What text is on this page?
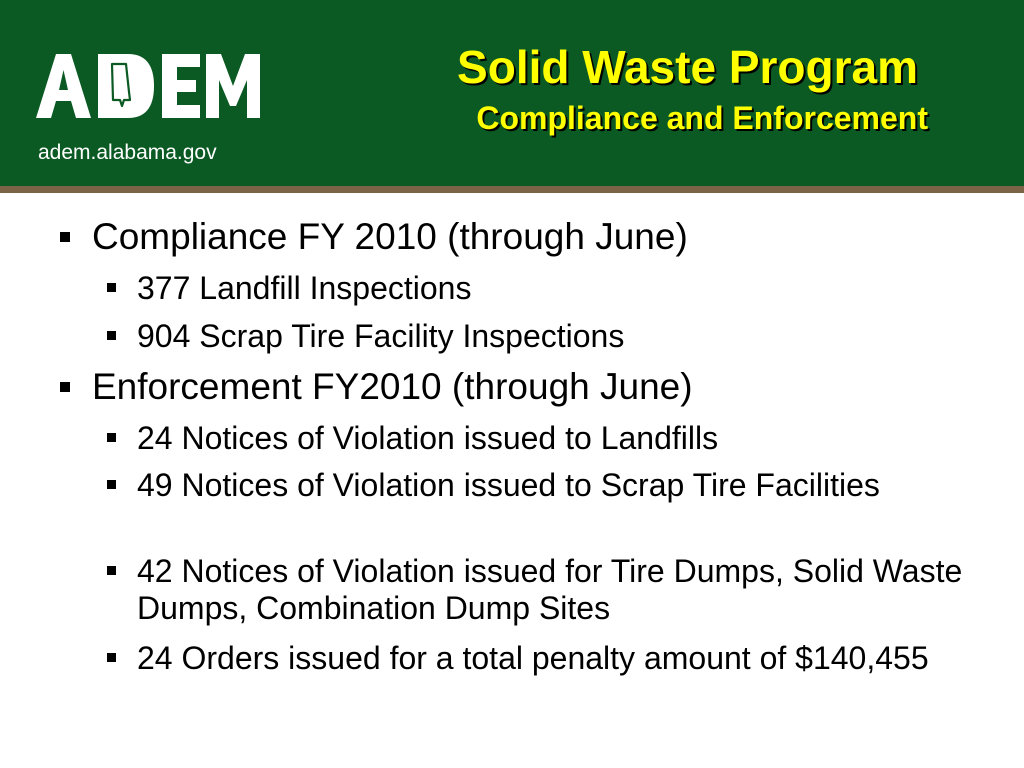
adem.alabama.gov
Solid Waste Program
Compliance and Enforcement
Compliance FY 2010 (through June)
377 Landfill Inspections
904 Scrap Tire Facility Inspections
Enforcement FY2010 (through June)
24 Notices of Violation issued to Landfills
49 Notices of Violation issued to Scrap Tire Facilities
42 Notices of Violation issued for Tire Dumps, Solid Waste Dumps, Combination Dump Sites
24 Orders issued for a total penalty amount of $140,455
